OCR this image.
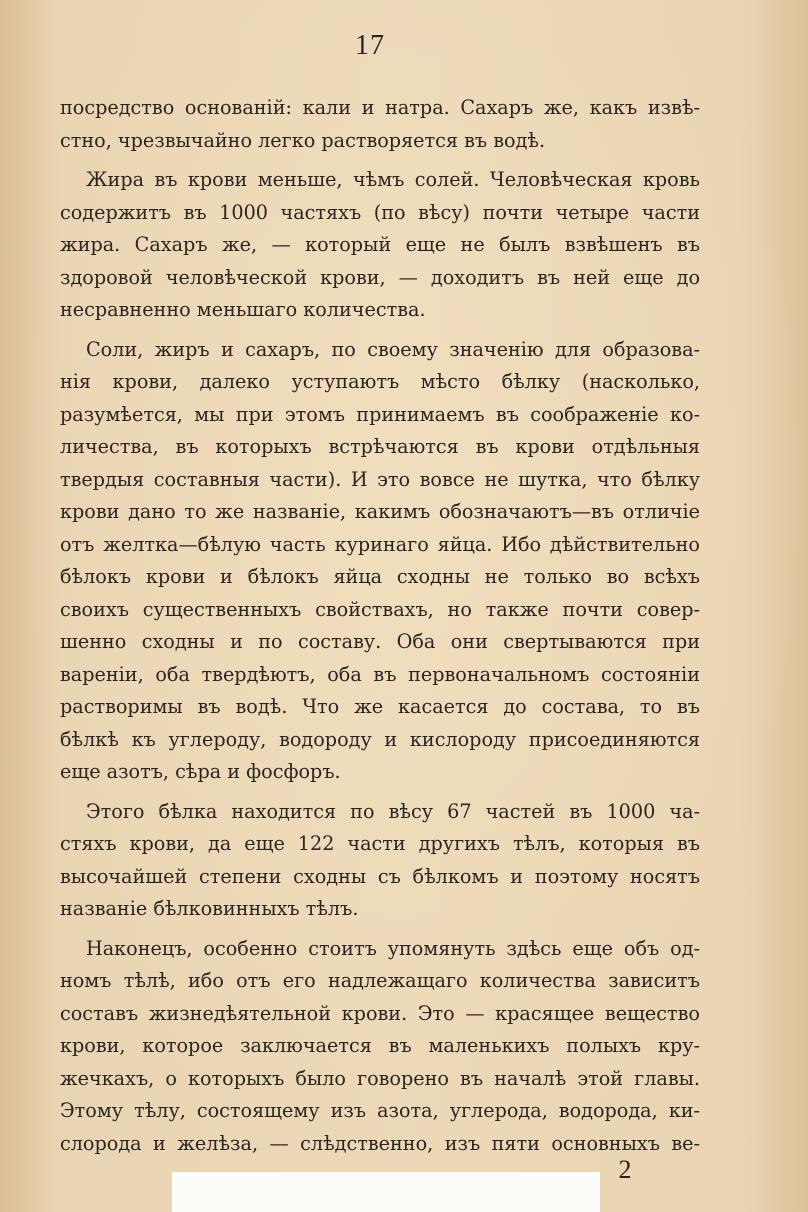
17
посредство основаній: кали и натра. Сахаръ же, какъ извѣ-
стно, чрезвычайно легко растворяется въ водѣ.
Жира въ крови меньше, чѣмъ солей. Человѣческая кровь
содержитъ въ 1000 частяхъ (по вѣсу) почти четыре части
жира. Сахаръ же, — который еще не былъ взвѣшенъ въ
здоровой человѣческой крови, — доходитъ въ ней еще до
несравненно меньшаго количества.
Соли, жиръ и сахаръ, по своему значенію для образова-
нія крови, далеко уступаютъ мѣсто бѣлку (насколько,
разумѣется, мы при этомъ принимаемъ въ соображеніе ко-
личества, въ которыхъ встрѣчаются въ крови отдѣльныя
твердыя составныя части). И это вовсе не шутка, что бѣлку
крови дано то же названіе, какимъ обозначаютъ—въ отличіе
отъ желтка—бѣлую часть куринаго яйца. Ибо дѣйствительно
бѣлокъ крови и бѣлокъ яйца сходны не только во всѣхъ
своихъ существенныхъ свойствахъ, но также почти совер-
шенно сходны и по составу. Оба они свертываются при
вареніи, оба твердѣютъ, оба въ первоначальномъ состояніи
растворимы въ водѣ. Что же касается до состава, то въ
бѣлкѣ къ углероду, водороду и кислороду присоединяются
еще азотъ, сѣра и фосфоръ.
Этого бѣлка находится по вѣсу 67 частей въ 1000 ча-
стяхъ крови, да еще 122 части другихъ тѣлъ, которыя въ
высочайшей степени сходны съ бѣлкомъ и поэтому носятъ
названіе бѣлковинныхъ тѣлъ.
Наконецъ, особенно стоитъ упомянуть здѣсь еще объ од-
номъ тѣлѣ, ибо отъ его надлежащаго количества зависитъ
составъ жизнедѣятельной крови. Это — красящее вещество
крови, которое заключается въ маленькихъ полыхъ кру-
жечкахъ, о которыхъ было говорено въ началѣ этой главы.
Этому тѣлу, состоящему изъ азота, углерода, водорода, ки-
слорода и желѣза, — слѣдственно, изъ пяти основныхъ ве-
2
